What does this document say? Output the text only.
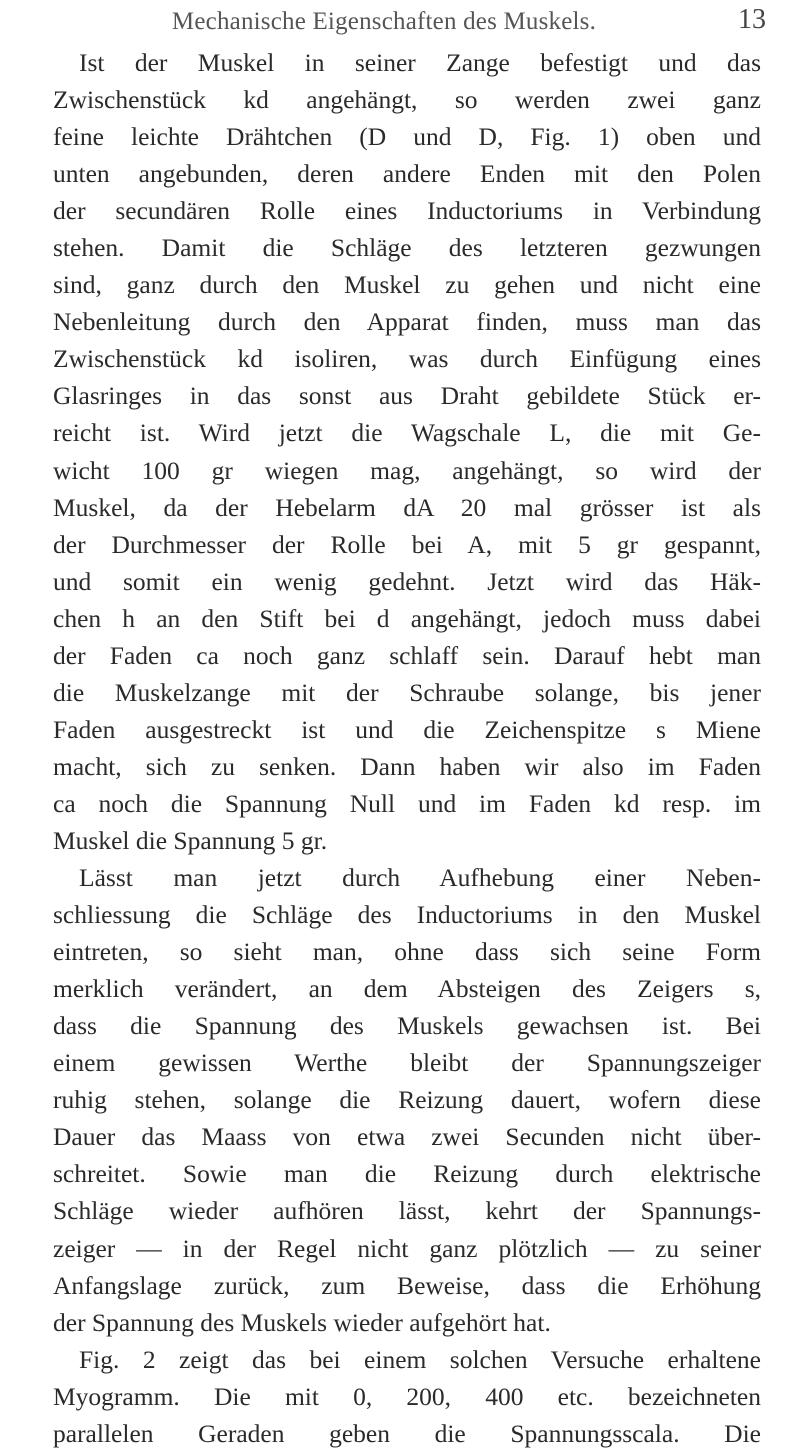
Mechanische Eigenschaften des Muskels.	13
Ist der Muskel in seiner Zange befestigt und das
Zwischenstück kd angehängt, so werden zwei ganz
feine leichte Drähtchen (D und D, Fig. 1) oben und
unten angebunden, deren andere Enden mit den Polen
der secundären Rolle eines Inductoriums in Verbindung
stehen. Damit die Schläge des letzteren gezwungen
sind, ganz durch den Muskel zu gehen und nicht eine
Nebenleitung durch den Apparat finden, muss man das
Zwischenstück kd isoliren, was durch Einfügung eines
Glasringes in das sonst aus Draht gebildete Stück er-
reicht ist. Wird jetzt die Wagschale L, die mit Ge-
wicht 100 gr wiegen mag, angehängt, so wird der
Muskel, da der Hebelarm dA 20 mal grösser ist als
der Durchmesser der Rolle bei A, mit 5 gr gespannt,
und somit ein wenig gedehnt. Jetzt wird das Häk-
chen h an den Stift bei d angehängt, jedoch muss dabei
der Faden ca noch ganz schlaff sein. Darauf hebt man
die Muskelzange mit der Schraube solange, bis jener
Faden ausgestreckt ist und die Zeichenspitze s Miene
macht, sich zu senken. Dann haben wir also im Faden
ca noch die Spannung Null und im Faden kd resp. im
Muskel die Spannung 5 gr.
Lässt man jetzt durch Aufhebung einer Neben-
schliessung die Schläge des Inductoriums in den Muskel
eintreten, so sieht man, ohne dass sich seine Form
merklich verändert, an dem Absteigen des Zeigers s,
dass die Spannung des Muskels gewachsen ist. Bei
einem gewissen Werthe bleibt der Spannungszeiger
ruhig stehen, solange die Reizung dauert, wofern diese
Dauer das Maass von etwa zwei Secunden nicht über-
schreitet. Sowie man die Reizung durch elektrische
Schläge wieder aufhören lässt, kehrt der Spannungs-
zeiger — in der Regel nicht ganz plötzlich — zu seiner
Anfangslage zurück, zum Beweise, dass die Erhöhung
der Spannung des Muskels wieder aufgehört hat.
Fig. 2 zeigt das bei einem solchen Versuche erhaltene
Myogramm. Die mit 0, 200, 400 etc. bezeichneten
parallelen Geraden geben die Spannungsscala. Die
